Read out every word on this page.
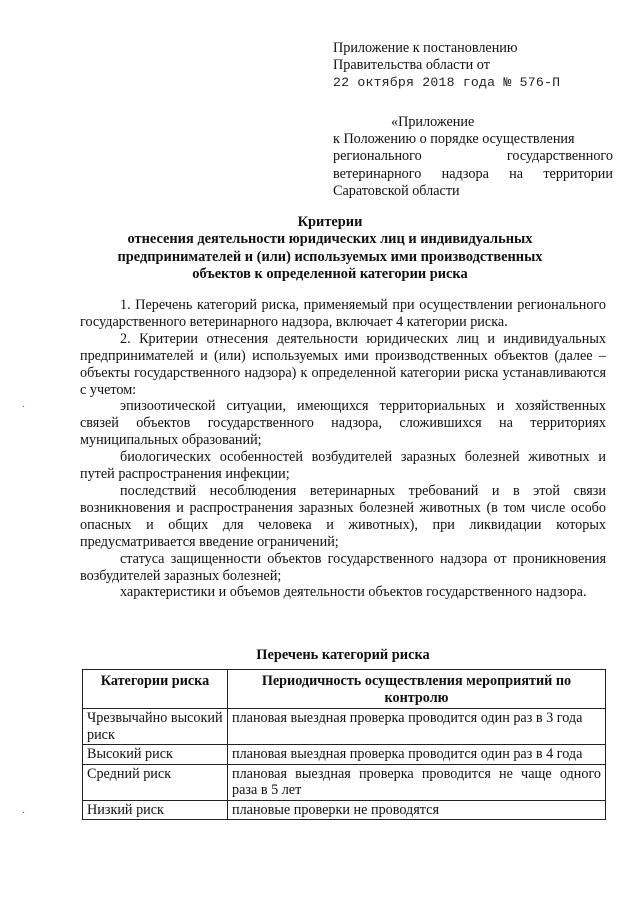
Приложение к постановлению
Правительства области от
22 октября 2018 года № 576-П
«Приложение
к Положению о порядке осуществления
регионального государственного
ветеринарного надзора на территории
Саратовской области
Критерии
отнесения деятельности юридических лиц и индивидуальных
предпринимателей и (или) используемых ими производственных
объектов к определенной категории риска

1. Перечень категорий риска, применяемый при осуществлении регионального государственного ветеринарного надзора, включает 4 категории риска.

2. Критерии отнесения деятельности юридических лиц и индивидуальных предпринимателей и (или) используемых ими производственных объектов (далее – объекты государственного надзора) к определенной категории риска устанавливаются с учетом:

эпизоотической ситуации, имеющихся территориальных и хозяйственных связей объектов государственного надзора, сложившихся на территориях муниципальных образований;

биологических особенностей возбудителей заразных болезней животных и путей распространения инфекции;

последствий несоблюдения ветеринарных требований и в этой связи возникновения и распространения заразных болезней животных (в том числе особо опасных и общих для человека и животных), при ликвидации которых предусматривается введение ограничений;

статуса защищенности объектов государственного надзора от проникновения возбудителей заразных болезней;

характеристики и объемов деятельности объектов государственного надзора.

Перечень категорий риска
Категории риска	Периодичность осуществления мероприятий по контролю
Чрезвычайно высокий риск	плановая выездная проверка проводится один раз в 3 года
Высокий риск	плановая выездная проверка проводится один раз в 4 года
Средний риск	плановая выездная проверка проводится не чаще одного раза в 5 лет
Низкий риск	плановые проверки не проводятся
·
·
